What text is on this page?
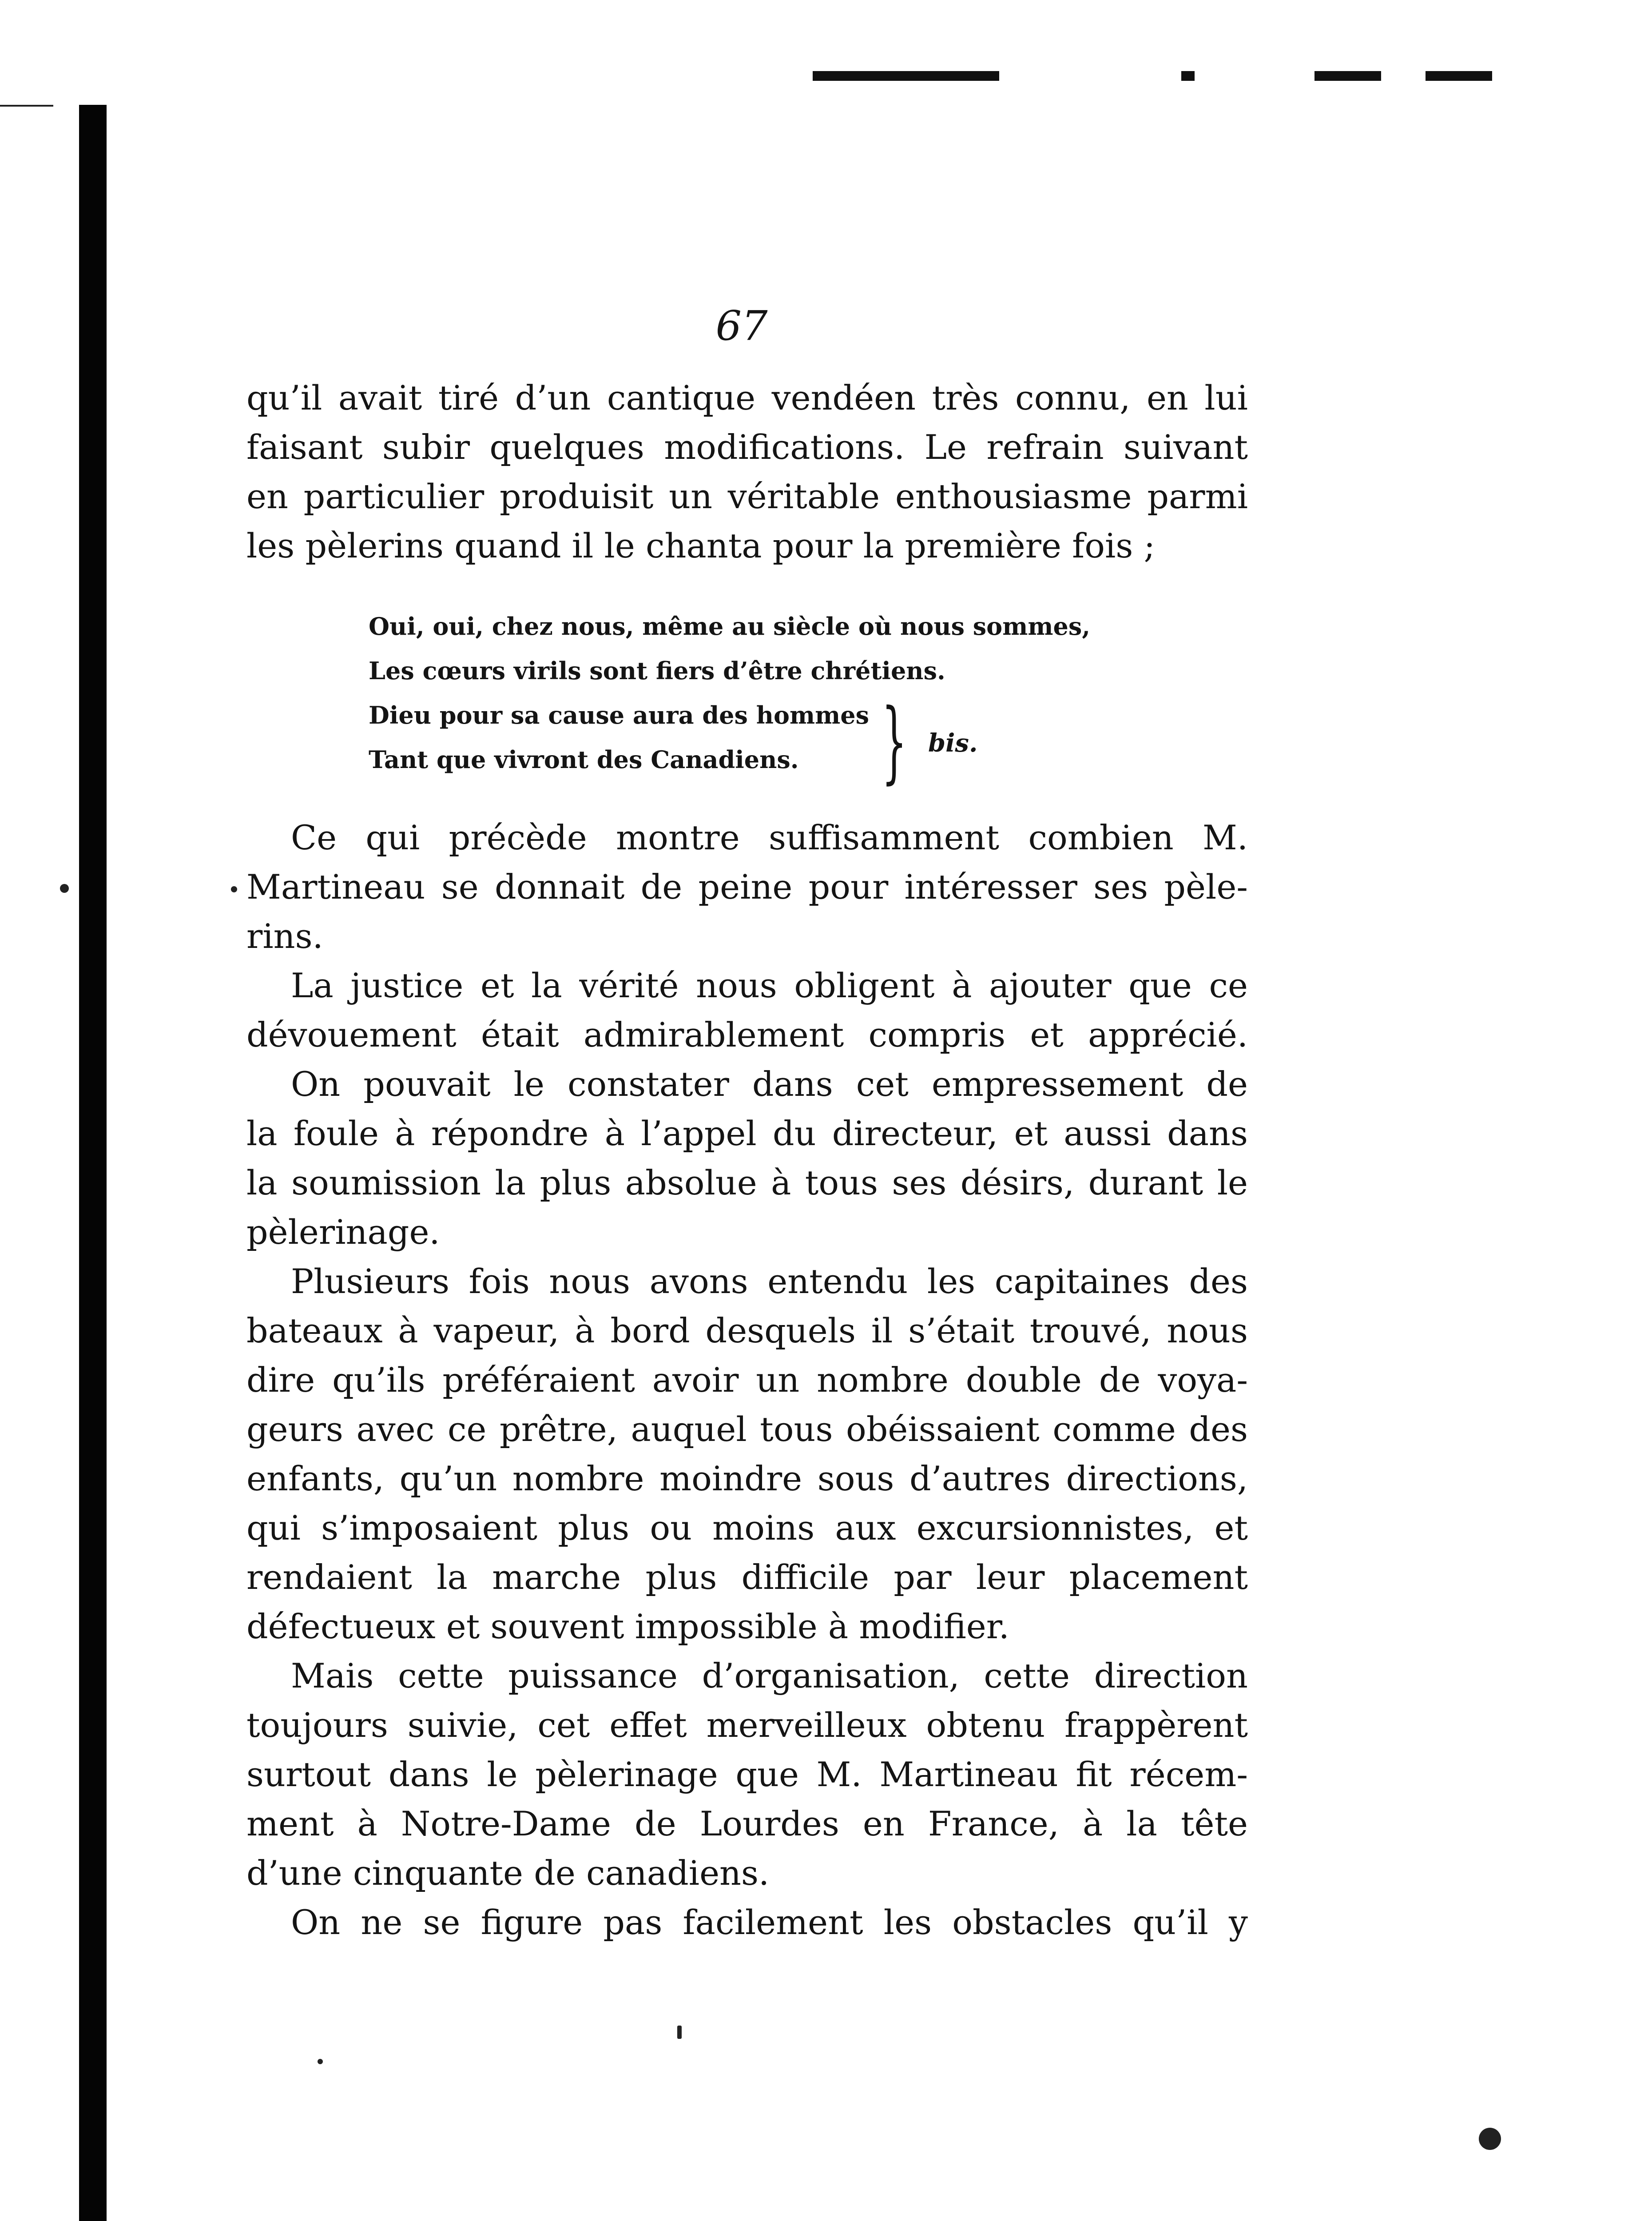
67
qu’il avait tiré d’un cantique vendéen très connu, en lui
faisant subir quelques modifications. Le refrain suivant
en particulier produisit un véritable enthousiasme parmi
les pèlerins quand il le chanta pour la première fois ;
Oui, oui, chez nous, même au siècle où nous sommes,
Les cœurs virils sont fiers d’être chrétiens.
Dieu pour sa cause aura des hommes
Tant que vivront des Canadiens. } bis.
Ce qui précède montre suffisamment combien M.
Martineau se donnait de peine pour intéresser ses pèle-
rins.
La justice et la vérité nous obligent à ajouter que ce
dévouement était admirablement compris et apprécié.
On pouvait le constater dans cet empressement de
la foule à répondre à l’appel du directeur, et aussi dans
la soumission la plus absolue à tous ses désirs, durant le
pèlerinage.
Plusieurs fois nous avons entendu les capitaines des
bateaux à vapeur, à bord desquels il s’était trouvé, nous
dire qu’ils préféraient avoir un nombre double de voya-
geurs avec ce prêtre, auquel tous obéissaient comme des
enfants, qu’un nombre moindre sous d’autres directions,
qui s’imposaient plus ou moins aux excursionnistes, et
rendaient la marche plus difficile par leur placement
défectueux et souvent impossible à modifier.
Mais cette puissance d’organisation, cette direction
toujours suivie, cet effet merveilleux obtenu frappèrent
surtout dans le pèlerinage que M. Martineau fit récem-
ment à Notre-Dame de Lourdes en France, à la tête
d’une cinquante de canadiens.
On ne se figure pas facilement les obstacles qu’il y
